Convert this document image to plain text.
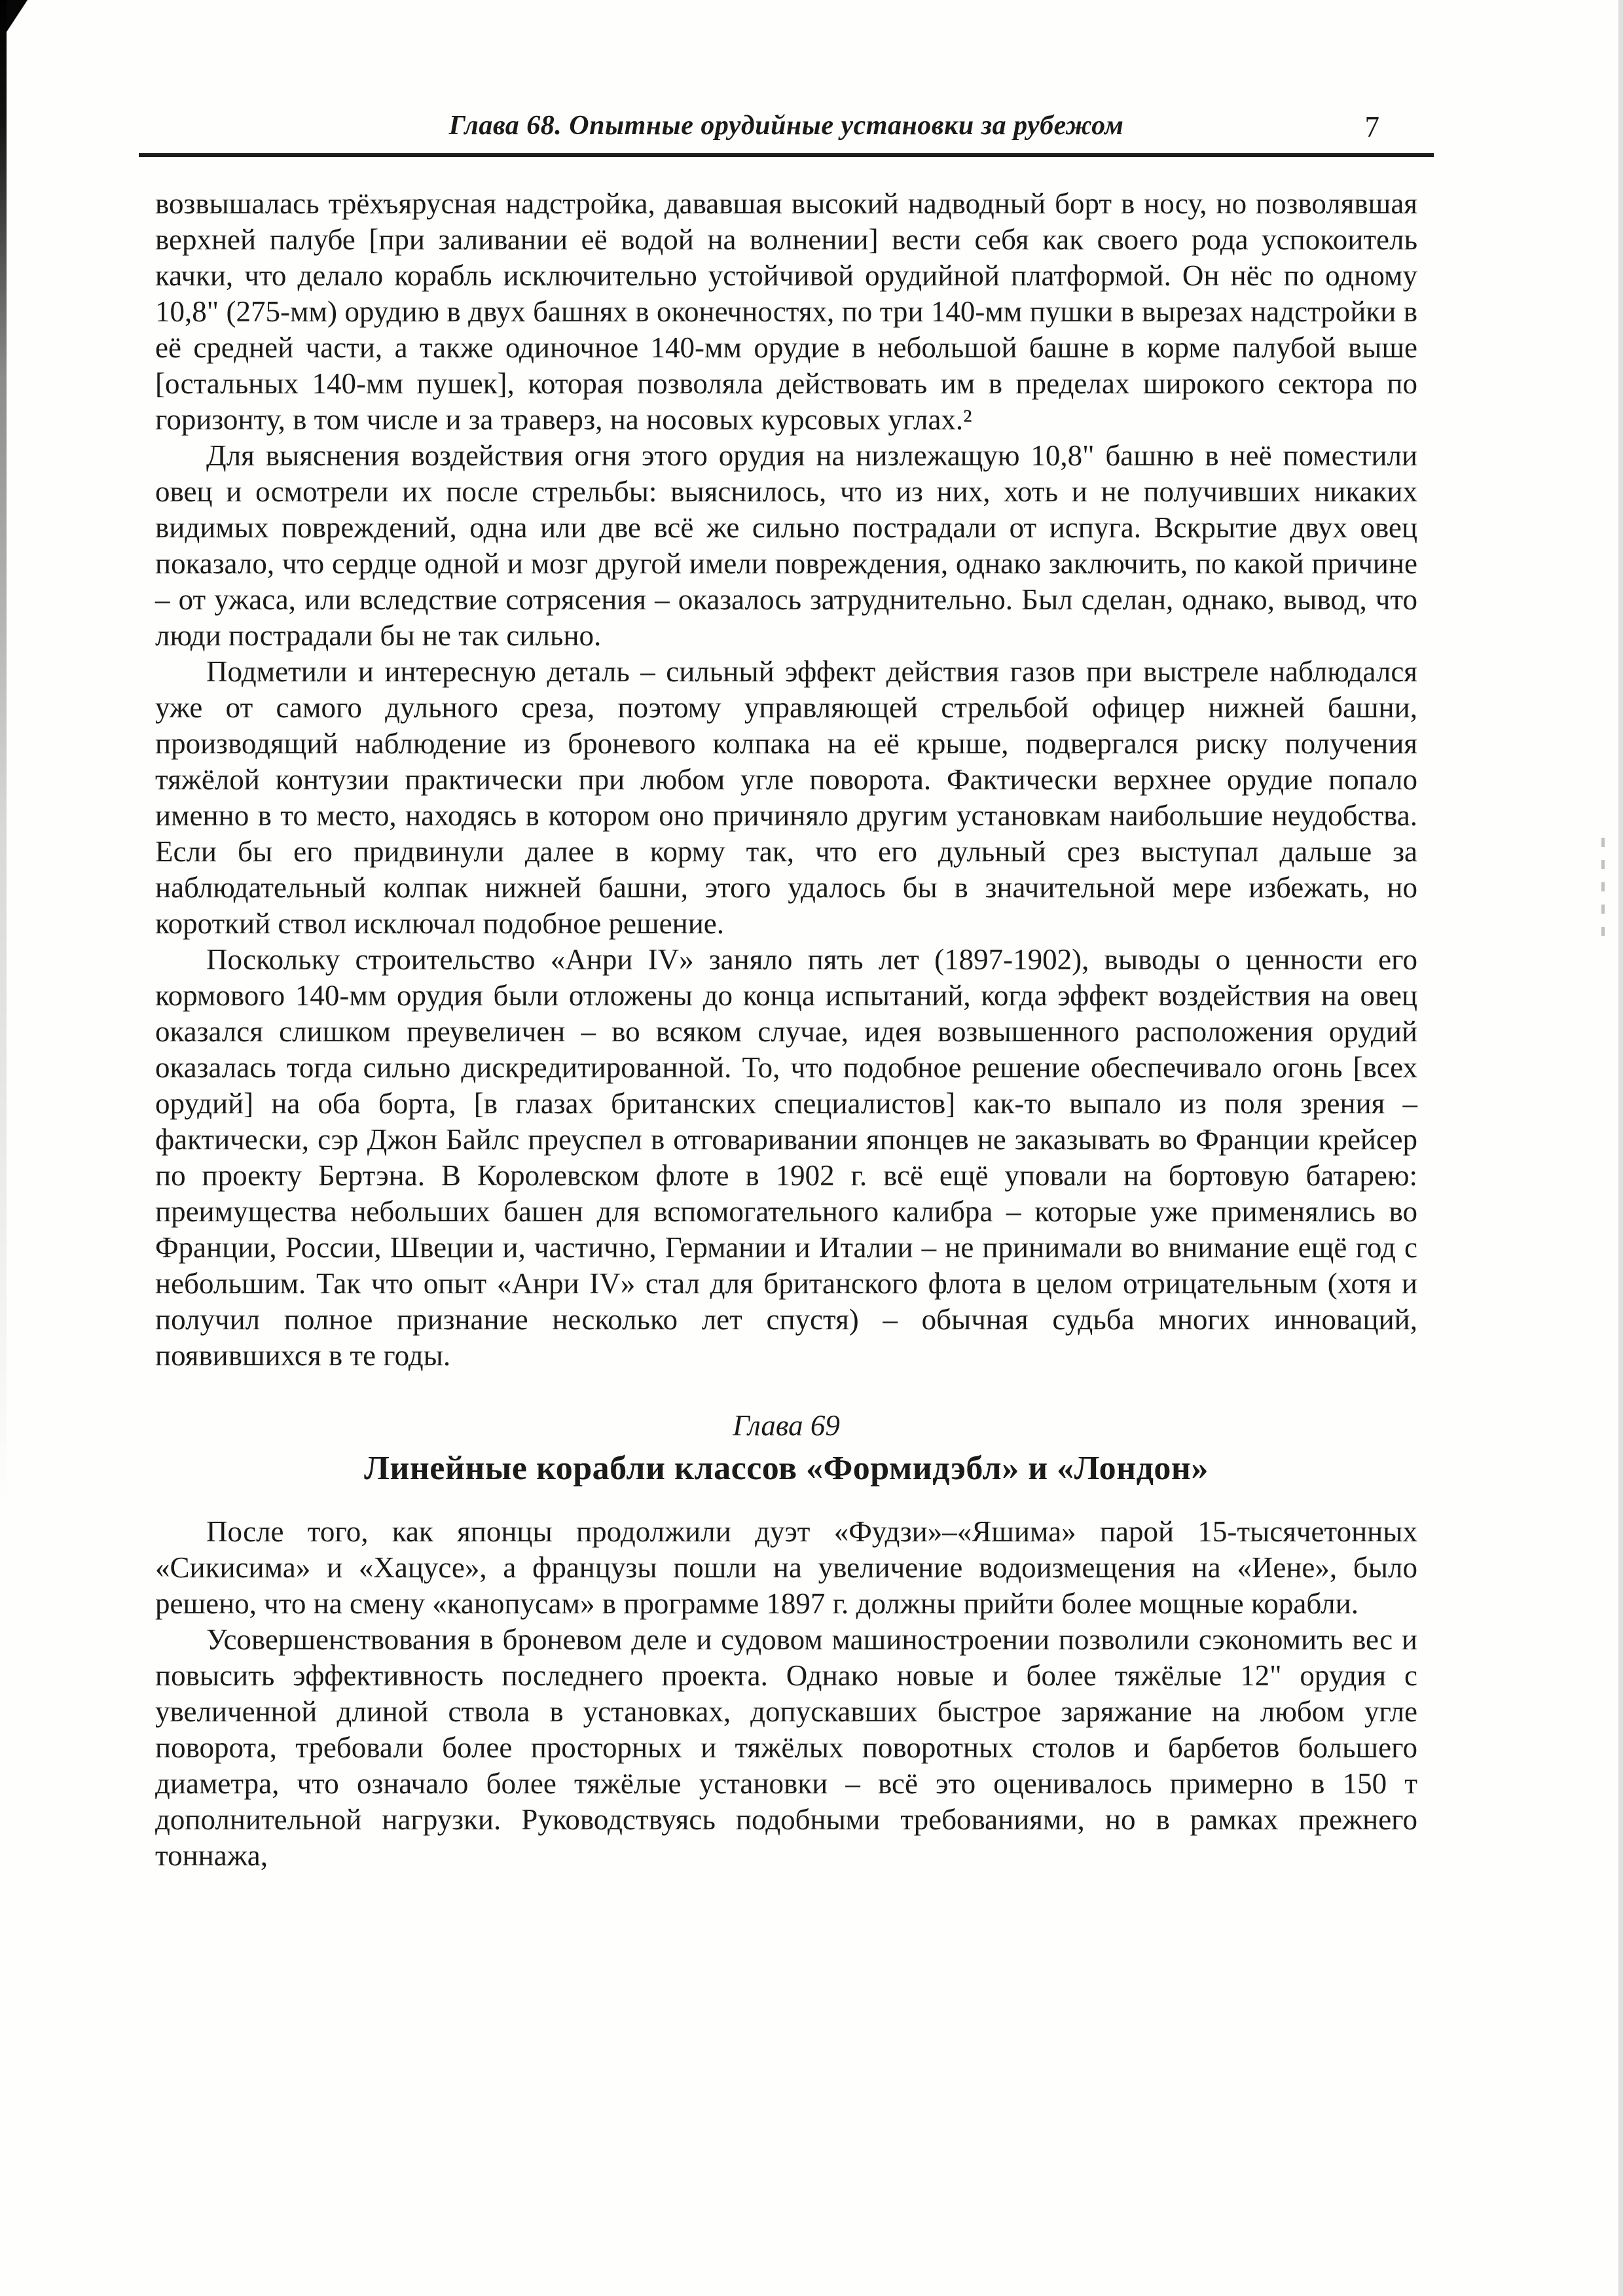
Глава 68. Опытные орудийные установки за рубежом	7

возвышалась трёхъярусная надстройка, дававшая высокий надводный борт в носу, но позволявшая верхней палубе [при заливании её водой на волнении] вести себя как своего рода успокоитель качки, что делало корабль исключительно устойчивой орудийной платформой. Он нёс по одному 10,8" (275-мм) орудию в двух башнях в оконечностях, по три 140-мм пушки в вырезах надстройки в её средней части, а также одиночное 140-мм орудие в небольшой башне в корме палубой выше [остальных 140-мм пушек], которая позволяла действовать им в пределах широкого сектора по горизонту, в том числе и за траверз, на носовых курсовых углах.²

Для выяснения воздействия огня этого орудия на низлежащую 10,8" башню в неё поместили овец и осмотрели их после стрельбы: выяснилось, что из них, хоть и не получивших никаких видимых повреждений, одна или две всё же сильно пострадали от испуга. Вскрытие двух овец показало, что сердце одной и мозг другой имели повреждения, однако заключить, по какой причине – от ужаса, или вследствие сотрясения – оказалось затруднительно. Был сделан, однако, вывод, что люди пострадали бы не так сильно.

Подметили и интересную деталь – сильный эффект действия газов при выстреле наблюдался уже от самого дульного среза, поэтому управляющей стрельбой офицер нижней башни, производящий наблюдение из броневого колпака на её крыше, подвергался риску получения тяжёлой контузии практически при любом угле поворота. Фактически верхнее орудие попало именно в то место, находясь в котором оно причиняло другим установкам наибольшие неудобства. Если бы его придвинули далее в корму так, что его дульный срез выступал дальше за наблюдательный колпак нижней башни, этого удалось бы в значительной мере избежать, но короткий ствол исключал подобное решение.

Поскольку строительство «Анри IV» заняло пять лет (1897-1902), выводы о ценности его кормового 140-мм орудия были отложены до конца испытаний, когда эффект воздействия на овец оказался слишком преувеличен – во всяком случае, идея возвышенного расположения орудий оказалась тогда сильно дискредитированной. То, что подобное решение обеспечивало огонь [всех орудий] на оба борта, [в глазах британских специалистов] как-то выпало из поля зрения – фактически, сэр Джон Байлс преуспел в отговаривании японцев не заказывать во Франции крейсер по проекту Бертэна. В Королевском флоте в 1902 г. всё ещё уповали на бортовую батарею: преимущества небольших башен для вспомогательного калибра – которые уже применялись во Франции, России, Швеции и, частично, Германии и Италии – не принимали во внимание ещё год с небольшим. Так что опыт «Анри IV» стал для британского флота в целом отрицательным (хотя и получил полное признание несколько лет спустя) – обычная судьба многих инноваций, появившихся в те годы.

Глава 69
Линейные корабли классов «Формидэбл» и «Лондон»

После того, как японцы продолжили дуэт «Фудзи»–«Яшима» парой 15-тысячетонных «Сикисима» и «Хацусе», а французы пошли на увеличение водоизмещения на «Иене», было решено, что на смену «канопусам» в программе 1897 г. должны прийти более мощные корабли.

Усовершенствования в броневом деле и судовом машиностроении позволили сэкономить вес и повысить эффективность последнего проекта. Однако новые и более тяжёлые 12" орудия с увеличенной длиной ствола в установках, допускавших быстрое заряжание на любом угле поворота, требовали более просторных и тяжёлых поворотных столов и барбетов большего диаметра, что означало более тяжёлые установки – всё это оценивалось примерно в 150 т дополнительной нагрузки. Руководствуясь подобными требованиями, но в рамках прежнего тоннажа,
